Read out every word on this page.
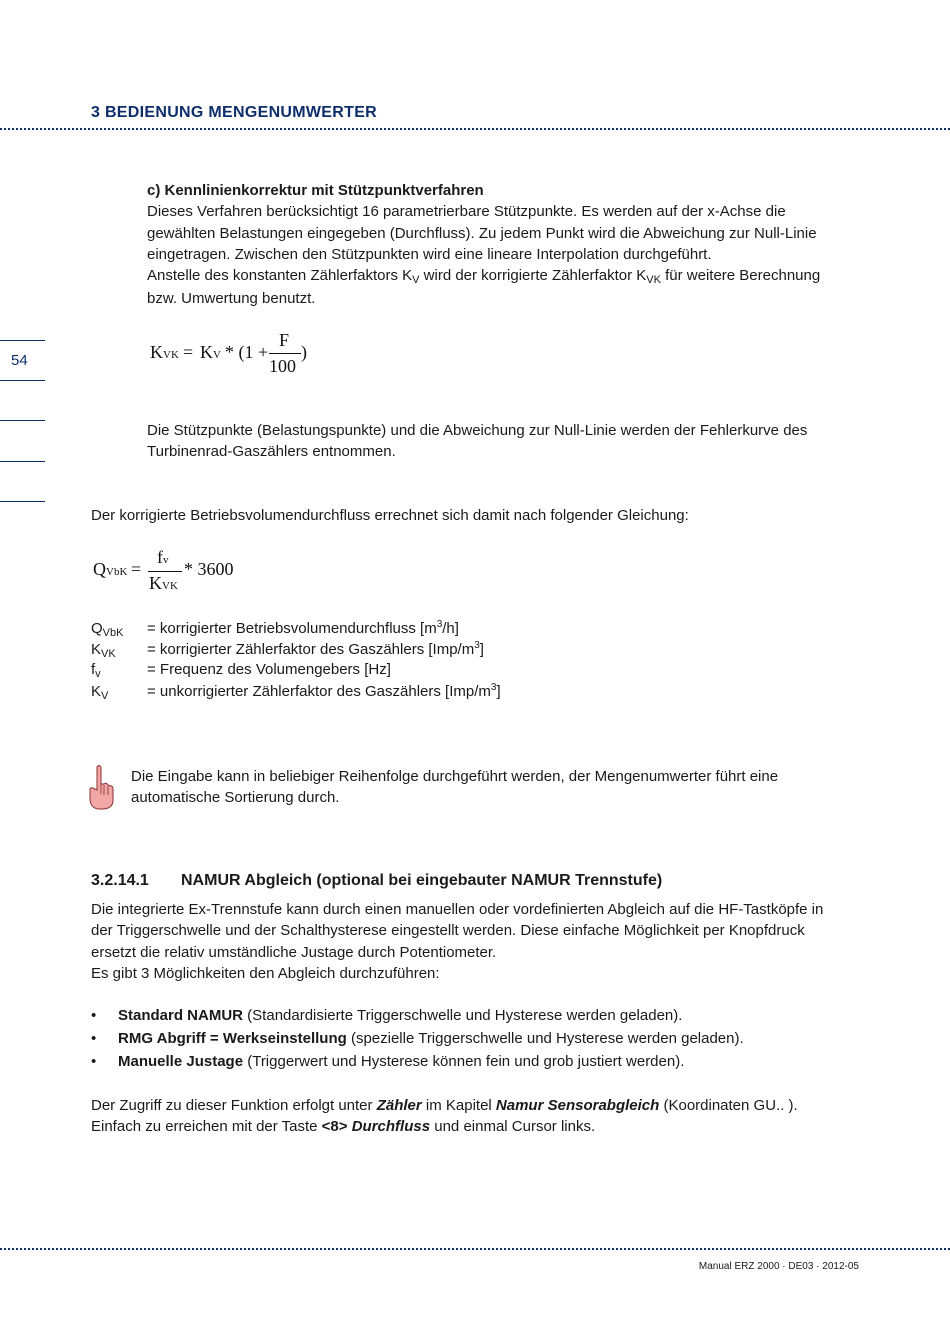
3 BEDIENUNG MENGENUMWERTER
54
c) Kennlinienkorrektur mit Stützpunktverfahren
Dieses Verfahren berücksichtigt 16 parametrierbare Stützpunkte. Es werden auf der x-Achse die
gewählten Belastungen eingegeben (Durchfluss). Zu jedem Punkt wird die Abweichung zur Null-Linie
eingetragen. Zwischen den Stützpunkten wird eine lineare Interpolation durchgeführt.
Anstelle des konstanten Zählerfaktors $K_V$ wird der korrigierte Zählerfaktor $K_{VK}$ für weitere Berechnung
bzw. Umwertung benutzt.
KVK = KV * (1 +
F
100
)
Die Stützpunkte (Belastungspunkte) und die Abweichung zur Null-Linie werden der Fehlerkurve des
Turbinenrad-Gaszählers entnommen.
Der korrigierte Betriebsvolumendurchfluss errechnet sich damit nach folgender Gleichung:
QVbK =
fv
KVK
* 3600
$Q_{VbK}$ = korrigierter Betriebsvolumendurchfluss $[m^3/h]$
$K_{VK}$ = korrigierter Zählerfaktor des Gaszählers $[Imp/m^3]$
$f_v$	= Frequenz des Volumengebers [Hz]
$K_V$	= unkorrigierter Zählerfaktor des Gaszählers $[Imp/m^3]$
Die Eingabe kann in beliebiger Reihenfolge durchgeführt werden, der Mengenumwerter führt eine
automatische Sortierung durch.
3.2.14.1 NAMUR Abgleich (optional bei eingebauter NAMUR Trennstufe)
Die integrierte Ex-Trennstufe kann durch einen manuellen oder vordefinierten Abgleich auf die HF-Tastköpfe in
der Triggerschwelle und der Schalthysterese eingestellt werden. Diese einfache Möglichkeit per Knopfdruck
ersetzt die relativ umständliche Justage durch Potentiometer.
Es gibt 3 Möglichkeiten den Abgleich durchzuführen:
• Standard NAMUR (Standardisierte Triggerschwelle und Hysterese werden geladen).
• RMG Abgriff = Werkseinstellung (spezielle Triggerschwelle und Hysterese werden geladen).
• Manuelle Justage (Triggerwert und Hysterese können fein und grob justiert werden).
Der Zugriff zu dieser Funktion erfolgt unter Zähler im Kapitel Namur Sensorabgleich (Koordinaten GU.. ).
Einfach zu erreichen mit der Taste <8> Durchfluss und einmal Cursor links.
Manual ERZ 2000 · DE03 · 2012-05
